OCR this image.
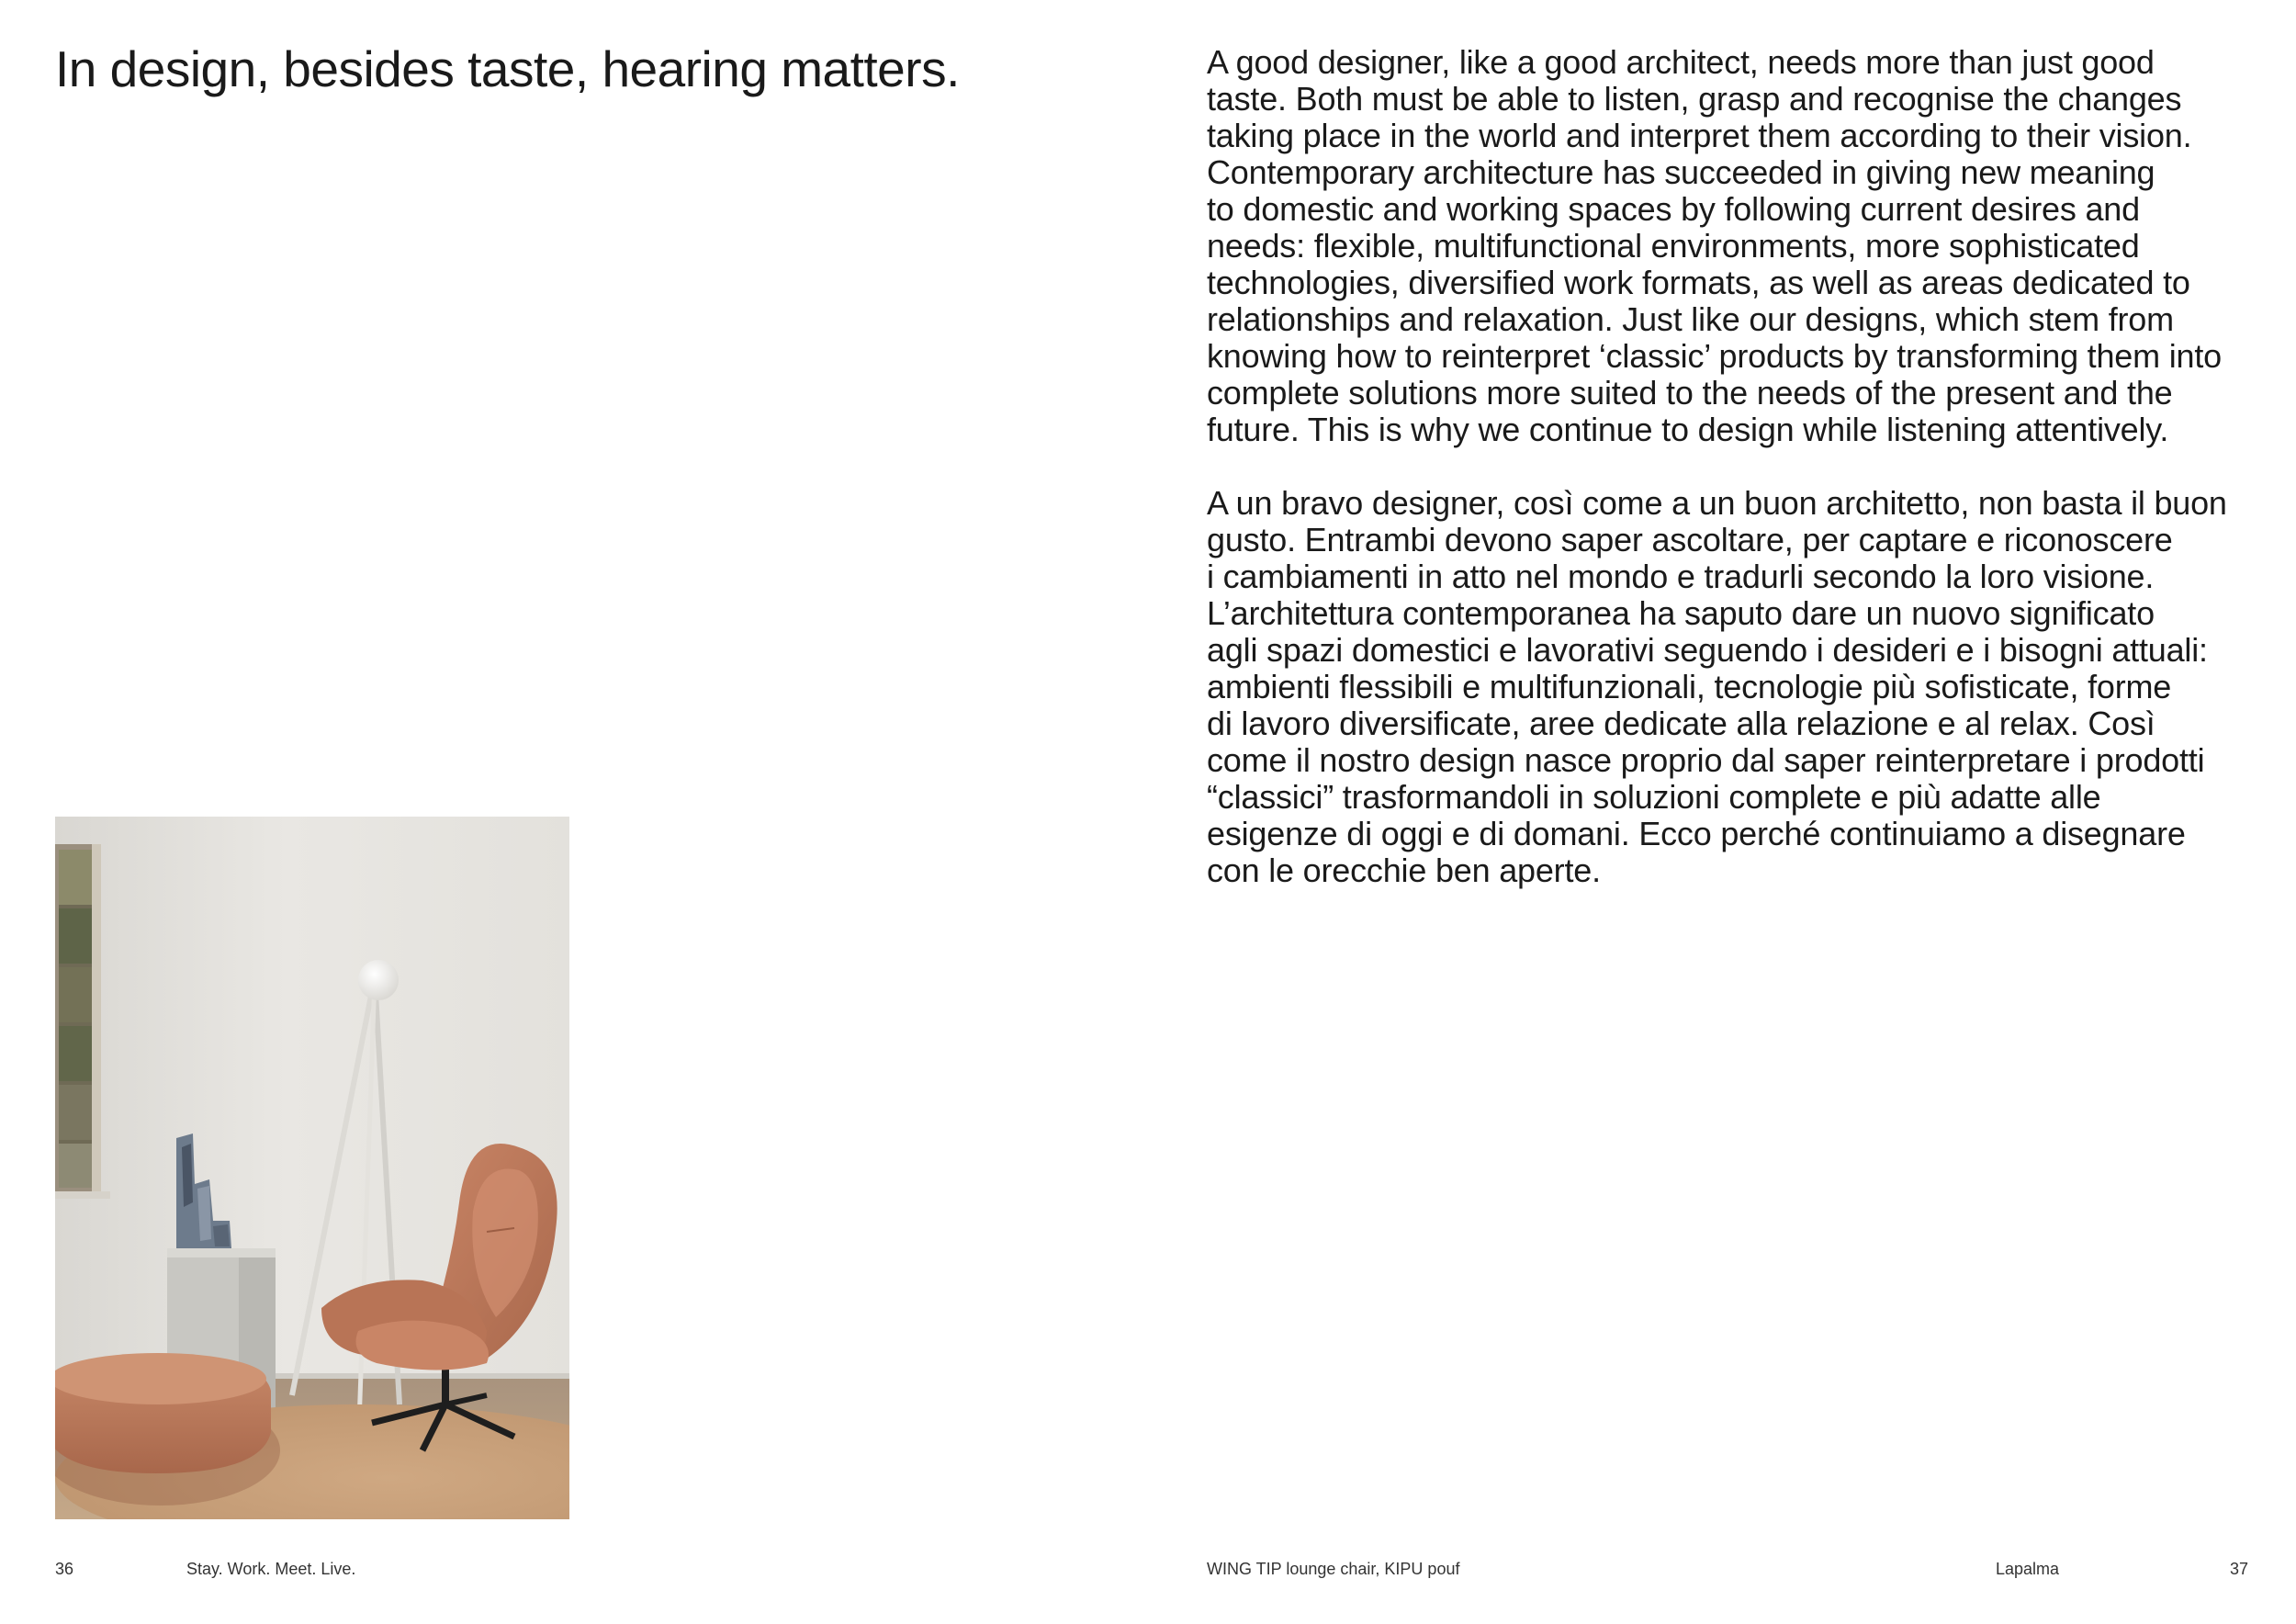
In design, besides taste, hearing matters.	A good designer, like a good architect, needs more than just good
taste. Both must be able to listen, grasp and recognise the changes
taking place in the world and interpret them according to their vision.
Contemporary architecture has succeeded in giving new meaning
to domestic and working spaces by following current desires and
needs: flexible, multifunctional environments, more sophisticated
technologies, diversified work formats, as well as areas dedicated to
relationships and relaxation. Just like our designs, which stem from
knowing how to reinterpret ‘classic’ products by transforming them into
complete solutions more suited to the needs of the present and the
future. This is why we continue to design while listening attentively.
A un bravo designer, così come a un buon architetto, non basta il buon
gusto. Entrambi devono saper ascoltare, per captare e riconoscere
i cambiamenti in atto nel mondo e tradurli secondo la loro visione.
L’architettura contemporanea ha saputo dare un nuovo significato
agli spazi domestici e lavorativi seguendo i desideri e i bisogni attuali:
ambienti flessibili e multifunzionali, tecnologie più sofisticate, forme
di lavoro diversificate, aree dedicate alla relazione e al relax. Così
come il nostro design nasce proprio dal saper reinterpretare i prodotti
“classici” trasformandoli in soluzioni complete e più adatte alle
esigenze di oggi e di domani. Ecco perché continuiamo a disegnare
con le orecchie ben aperte.
36	Stay. Work. Meet. Live.	WING TIP lounge chair, KIPU pouf	Lapalma	37
